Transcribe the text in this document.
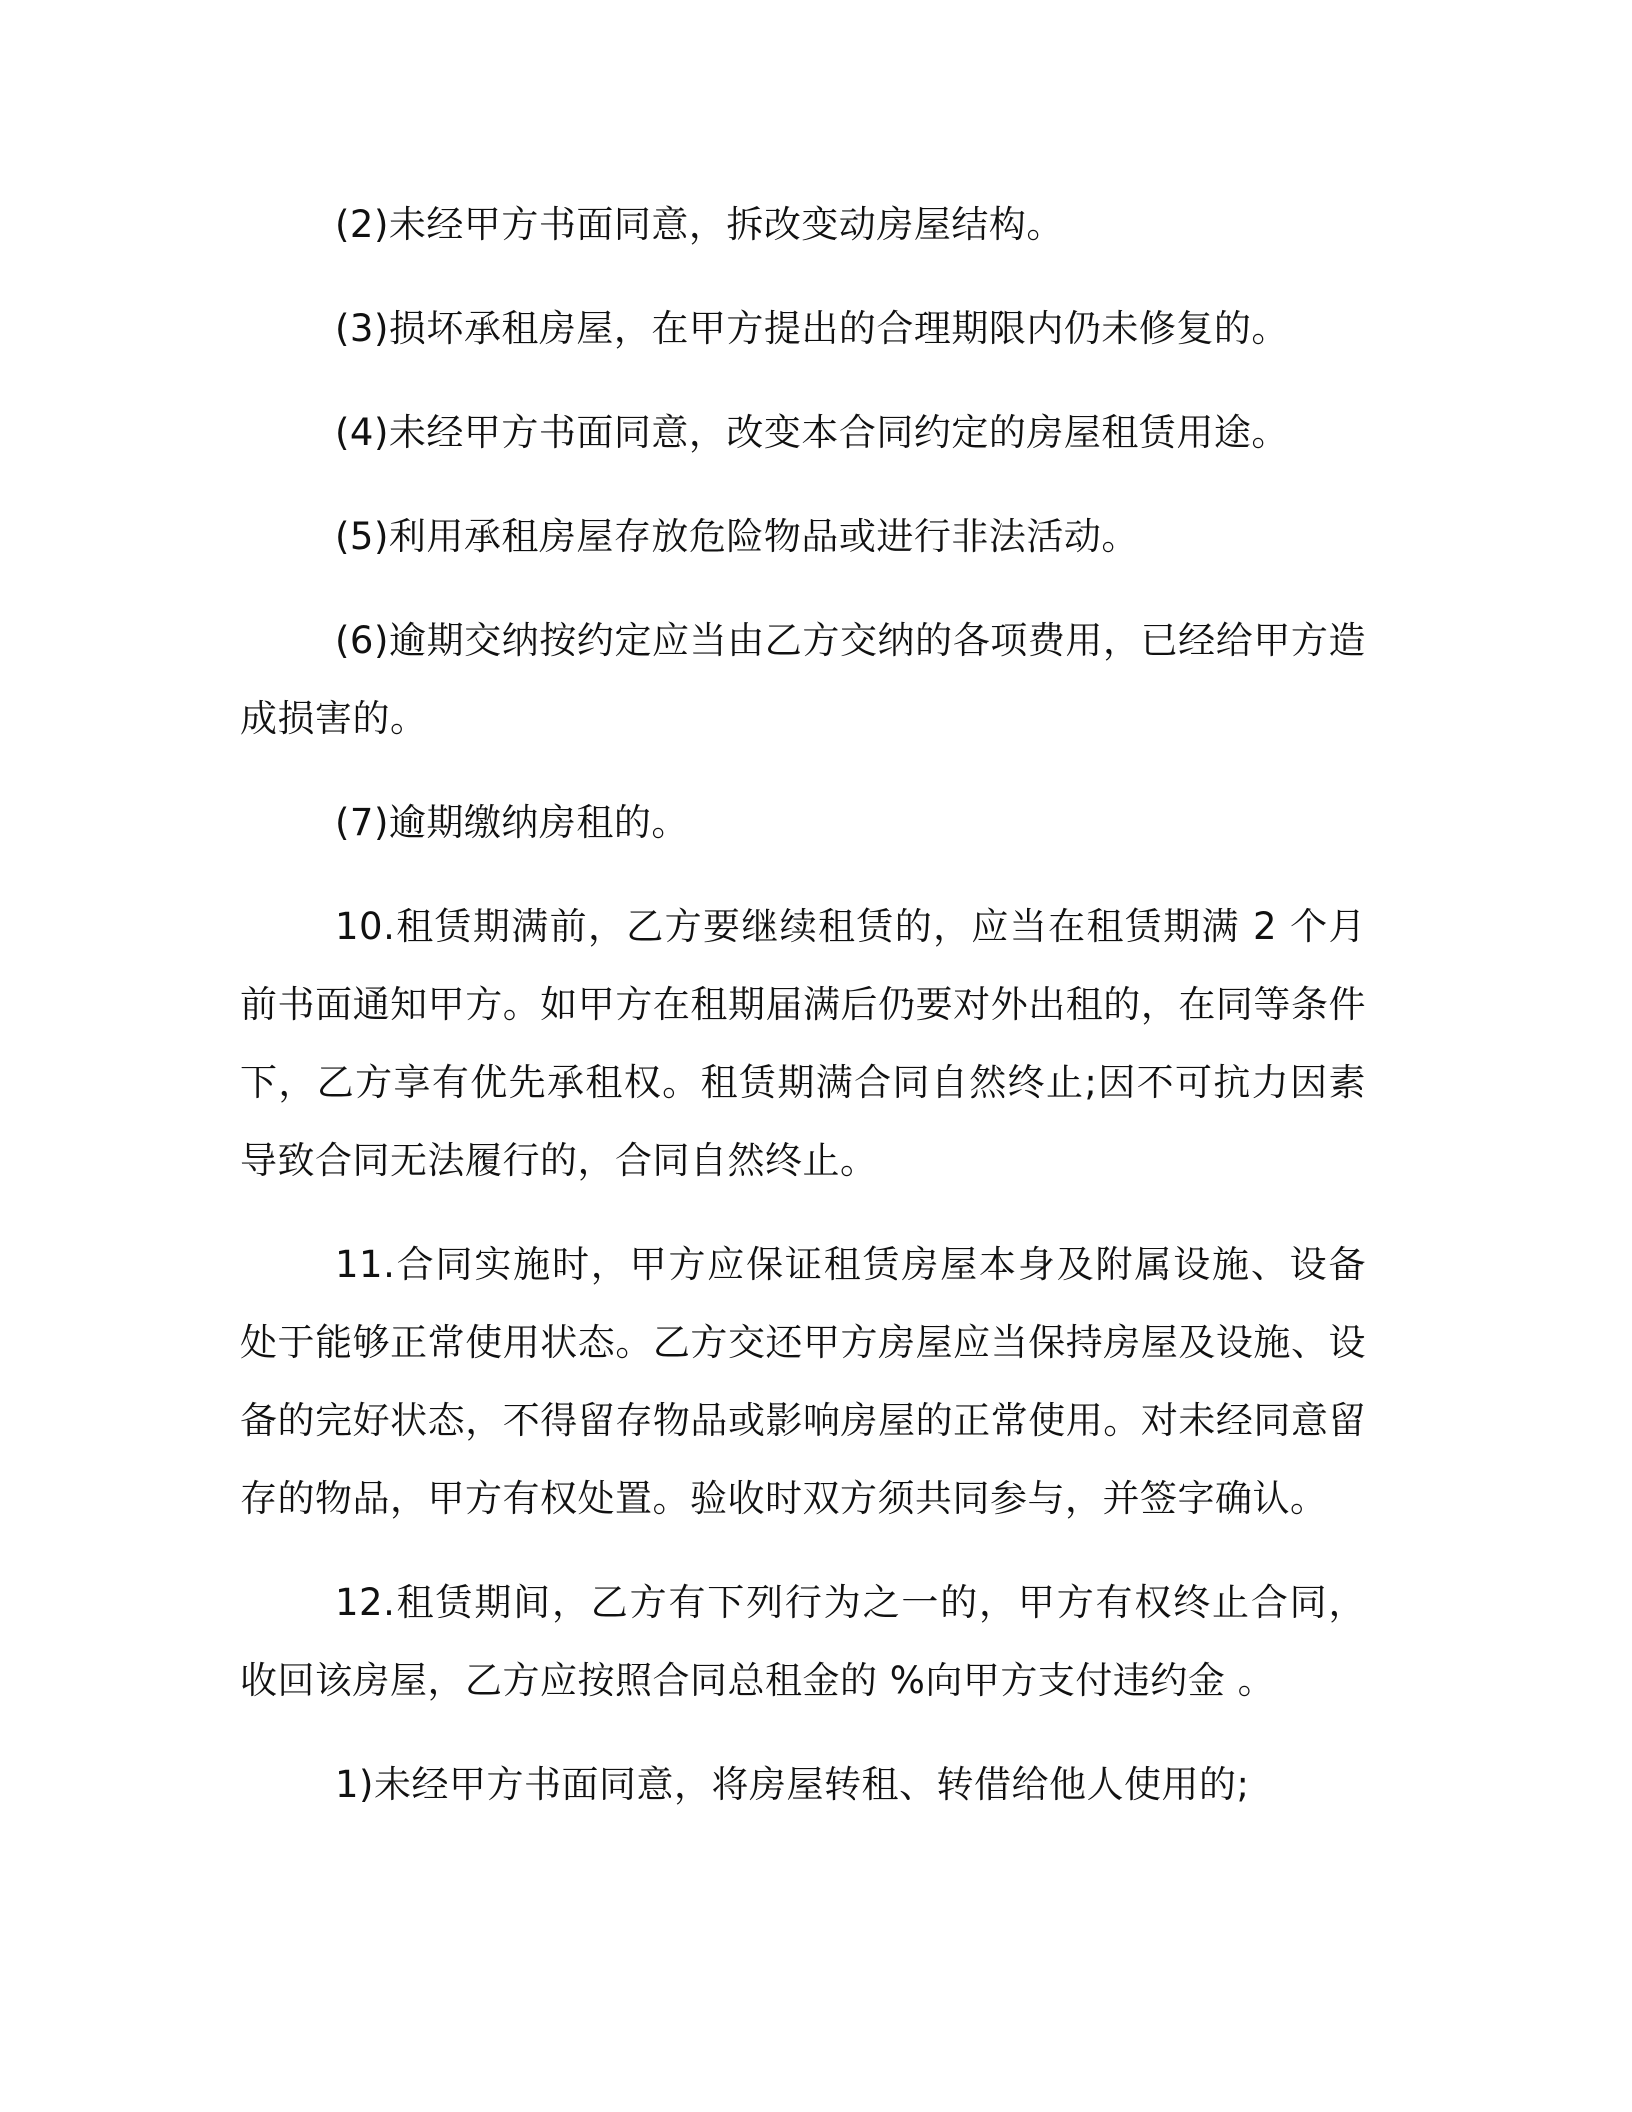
(2)未经甲方书面同意，拆改变动房屋结构。

(3)损坏承租房屋，在甲方提出的合理期限内仍未修复的。

(4)未经甲方书面同意，改变本合同约定的房屋租赁用途。

(5)利用承租房屋存放危险物品或进行非法活动。

(6)逾期交纳按约定应当由乙方交纳的各项费用，已经给甲方造成损害的。

(7)逾期缴纳房租的。

10.租赁期满前，乙方要继续租赁的，应当在租赁期满 2 个月前书面通知甲方。如甲方在租期届满后仍要对外出租的，在同等条件下，乙方享有优先承租权。租赁期满合同自然终止;因不可抗力因素导致合同无法履行的，合同自然终止。

11.合同实施时，甲方应保证租赁房屋本身及附属设施、设备处于能够正常使用状态。乙方交还甲方房屋应当保持房屋及设施、设备的完好状态，不得留存物品或影响房屋的正常使用。对未经同意留存的物品，甲方有权处置。验收时双方须共同参与，并签字确认。

12.租赁期间，乙方有下列行为之一的，甲方有权终止合同，收回该房屋，乙方应按照合同总租金的 %向甲方支付违约金 。

1)未经甲方书面同意，将房屋转租、转借给他人使用的;
